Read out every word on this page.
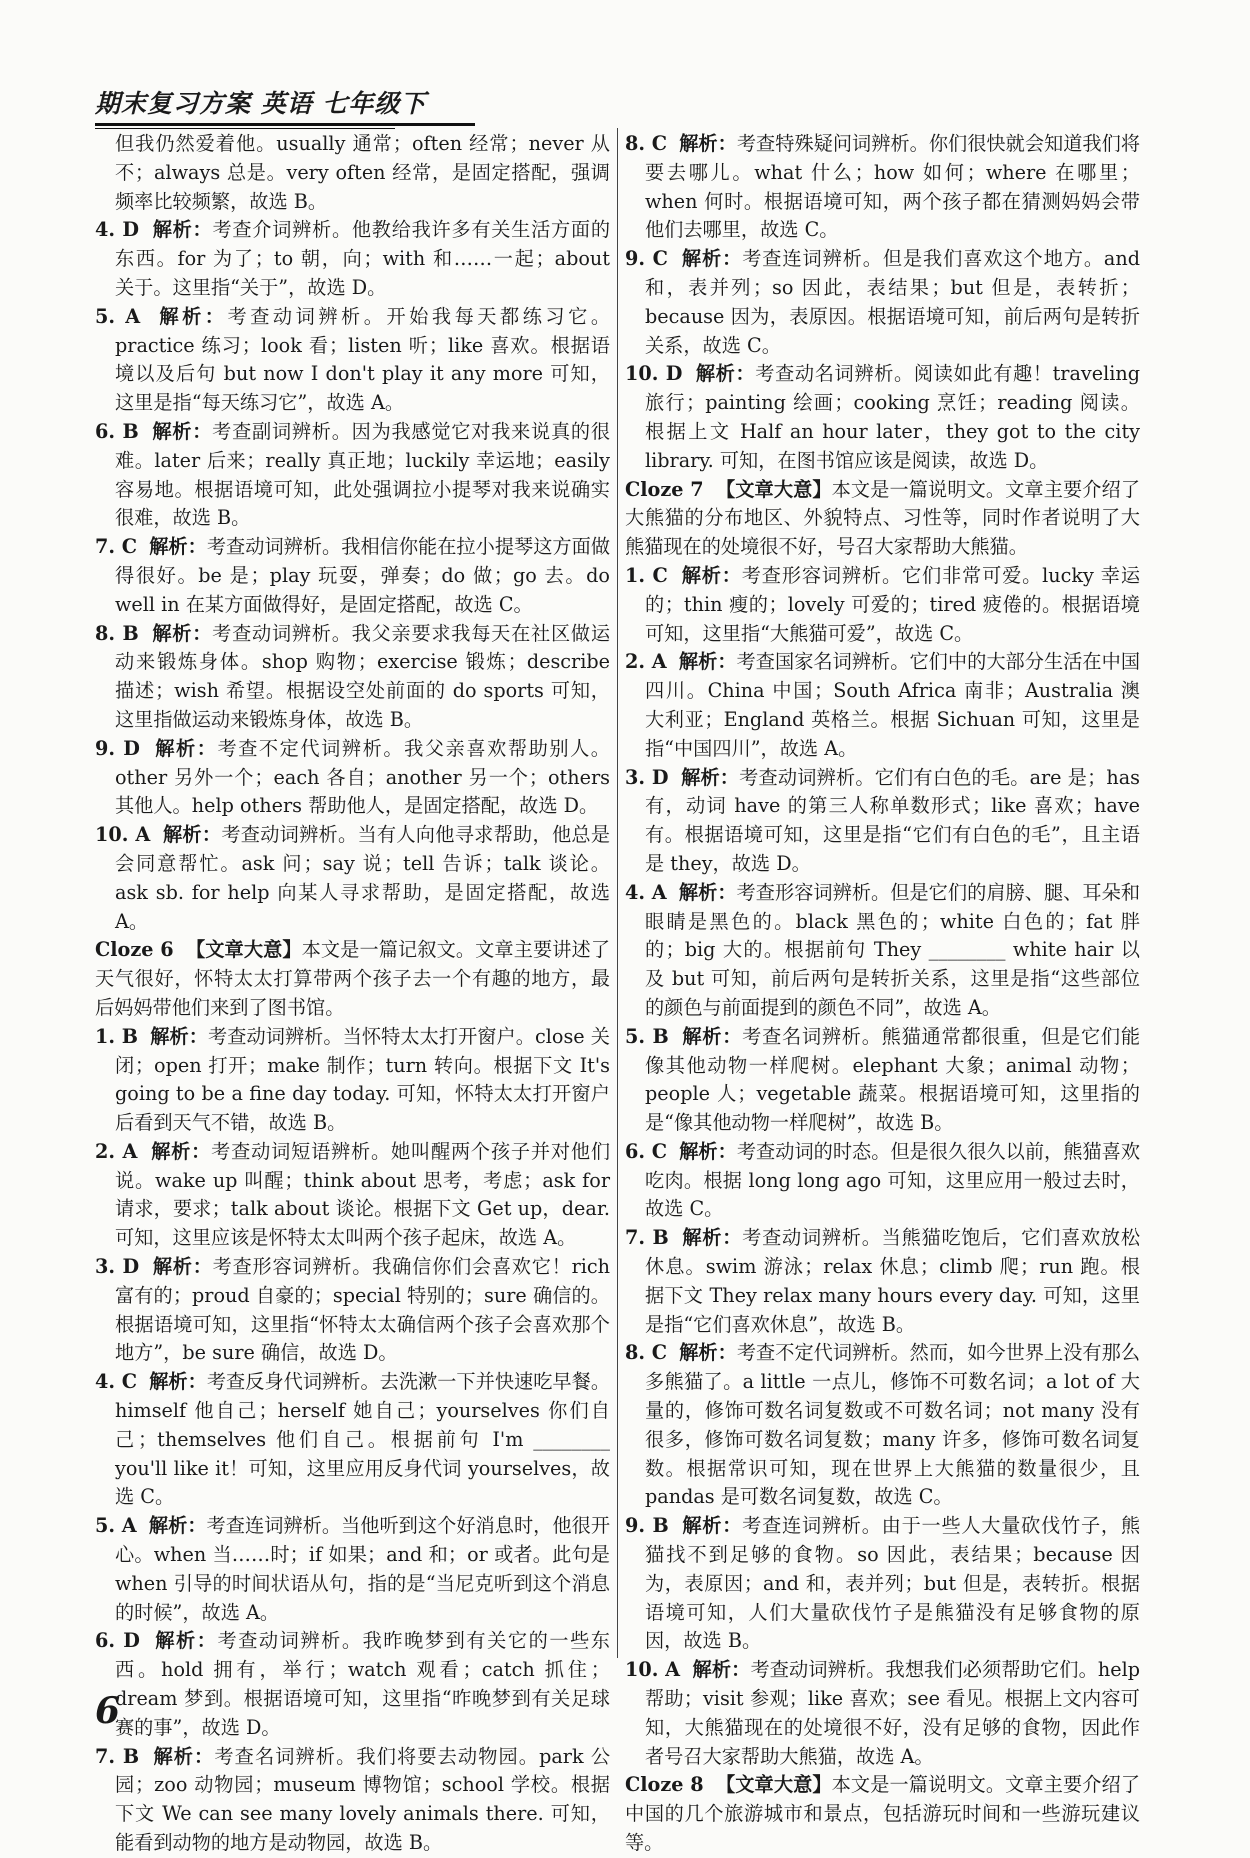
期末复习方案 英语 七年级下
但我仍然爱着他。usually 通常；often 经常；never 从不；always 总是。very often 经常，是固定搭配，强调频率比较频繁，故选 B。
4. D 解析：考查介词辨析。他教给我许多有关生活方面的东西。for 为了；to 朝，向；with 和……一起；about 关于。这里指“关于”，故选 D。
5. A 解析：考查动词辨析。开始我每天都练习它。practice 练习；look 看；listen 听；like 喜欢。根据语境以及后句 but now I don't play it any more 可知，这里是指“每天练习它”，故选 A。
6. B 解析：考查副词辨析。因为我感觉它对我来说真的很难。later 后来；really 真正地；luckily 幸运地；easily 容易地。根据语境可知，此处强调拉小提琴对我来说确实很难，故选 B。
7. C 解析：考查动词辨析。我相信你能在拉小提琴这方面做得很好。be 是；play 玩耍，弹奏；do 做；go 去。do well in 在某方面做得好，是固定搭配，故选 C。
8. B 解析：考查动词辨析。我父亲要求我每天在社区做运动来锻炼身体。shop 购物；exercise 锻炼；describe 描述；wish 希望。根据设空处前面的 do sports 可知，这里指做运动来锻炼身体，故选 B。
9. D 解析：考查不定代词辨析。我父亲喜欢帮助别人。other 另外一个；each 各自；another 另一个；others 其他人。help others 帮助他人，是固定搭配，故选 D。
10. A 解析：考查动词辨析。当有人向他寻求帮助，他总是会同意帮忙。ask 问；say 说；tell 告诉；talk 谈论。ask sb. for help 向某人寻求帮助，是固定搭配，故选 A。
Cloze 6 【文章大意】本文是一篇记叙文。文章主要讲述了天气很好，怀特太太打算带两个孩子去一个有趣的地方，最后妈妈带他们来到了图书馆。
1. B 解析：考查动词辨析。当怀特太太打开窗户。close 关闭；open 打开；make 制作；turn 转向。根据下文 It's going to be a fine day today. 可知，怀特太太打开窗户后看到天气不错，故选 B。
2. A 解析：考查动词短语辨析。她叫醒两个孩子并对他们说。wake up 叫醒；think about 思考，考虑；ask for 请求，要求；talk about 谈论。根据下文 Get up，dear. 可知，这里应该是怀特太太叫两个孩子起床，故选 A。
3. D 解析：考查形容词辨析。我确信你们会喜欢它！rich 富有的；proud 自豪的；special 特别的；sure 确信的。根据语境可知，这里指“怀特太太确信两个孩子会喜欢那个地方”，be sure 确信，故选 D。
4. C 解析：考查反身代词辨析。去洗漱一下并快速吃早餐。himself 他自己；herself 她自己；yourselves 你们自己；themselves 他们自己。根据前句 I'm ________ you'll like it！可知，这里应用反身代词 yourselves，故选 C。
5. A 解析：考查连词辨析。当他听到这个好消息时，他很开心。when 当……时；if 如果；and 和；or 或者。此句是 when 引导的时间状语从句，指的是“当尼克听到这个消息的时候”，故选 A。
6. D 解析：考查动词辨析。我昨晚梦到有关它的一些东西。hold 拥有，举行；watch 观看；catch 抓住；dream 梦到。根据语境可知，这里指“昨晚梦到有关足球赛的事”，故选 D。
7. B 解析：考查名词辨析。我们将要去动物园。park 公园；zoo 动物园；museum 博物馆；school 学校。根据下文 We can see many lovely animals there. 可知，能看到动物的地方是动物园，故选 B。
8. C 解析：考查特殊疑问词辨析。你们很快就会知道我们将要去哪儿。what 什么；how 如何；where 在哪里；when 何时。根据语境可知，两个孩子都在猜测妈妈会带他们去哪里，故选 C。
9. C 解析：考查连词辨析。但是我们喜欢这个地方。and 和，表并列；so 因此，表结果；but 但是，表转折；because 因为，表原因。根据语境可知，前后两句是转折关系，故选 C。
10. D 解析：考查动名词辨析。阅读如此有趣！traveling 旅行；painting 绘画；cooking 烹饪；reading 阅读。根据上文 Half an hour later，they got to the city library. 可知，在图书馆应该是阅读，故选 D。
Cloze 7 【文章大意】本文是一篇说明文。文章主要介绍了大熊猫的分布地区、外貌特点、习性等，同时作者说明了大熊猫现在的处境很不好，号召大家帮助大熊猫。
1. C 解析：考查形容词辨析。它们非常可爱。lucky 幸运的；thin 瘦的；lovely 可爱的；tired 疲倦的。根据语境可知，这里指“大熊猫可爱”，故选 C。
2. A 解析：考查国家名词辨析。它们中的大部分生活在中国四川。China 中国；South Africa 南非；Australia 澳大利亚；England 英格兰。根据 Sichuan 可知，这里是指“中国四川”，故选 A。
3. D 解析：考查动词辨析。它们有白色的毛。are 是；has 有，动词 have 的第三人称单数形式；like 喜欢；have 有。根据语境可知，这里是指“它们有白色的毛”，且主语是 they，故选 D。
4. A 解析：考查形容词辨析。但是它们的肩膀、腿、耳朵和眼睛是黑色的。black 黑色的；white 白色的；fat 胖的；big 大的。根据前句 They ________ white hair 以及 but 可知，前后两句是转折关系，这里是指“这些部位的颜色与前面提到的颜色不同”，故选 A。
5. B 解析：考查名词辨析。熊猫通常都很重，但是它们能像其他动物一样爬树。elephant 大象；animal 动物；people 人；vegetable 蔬菜。根据语境可知，这里指的是“像其他动物一样爬树”，故选 B。
6. C 解析：考查动词的时态。但是很久很久以前，熊猫喜欢吃肉。根据 long long ago 可知，这里应用一般过去时，故选 C。
7. B 解析：考查动词辨析。当熊猫吃饱后，它们喜欢放松休息。swim 游泳；relax 休息；climb 爬；run 跑。根据下文 They relax many hours every day. 可知，这里是指“它们喜欢休息”，故选 B。
8. C 解析：考查不定代词辨析。然而，如今世界上没有那么多熊猫了。a little 一点儿，修饰不可数名词；a lot of 大量的，修饰可数名词复数或不可数名词；not many 没有很多，修饰可数名词复数；many 许多，修饰可数名词复数。根据常识可知，现在世界上大熊猫的数量很少，且 pandas 是可数名词复数，故选 C。
9. B 解析：考查连词辨析。由于一些人大量砍伐竹子，熊猫找不到足够的食物。so 因此，表结果；because 因为，表原因；and 和，表并列；but 但是，表转折。根据语境可知，人们大量砍伐竹子是熊猫没有足够食物的原因，故选 B。
10. A 解析：考查动词辨析。我想我们必须帮助它们。help 帮助；visit 参观；like 喜欢；see 看见。根据上文内容可知，大熊猫现在的处境很不好，没有足够的食物，因此作者号召大家帮助大熊猫，故选 A。
Cloze 8 【文章大意】本文是一篇说明文。文章主要介绍了中国的几个旅游城市和景点，包括游玩时间和一些游玩建议等。
6
